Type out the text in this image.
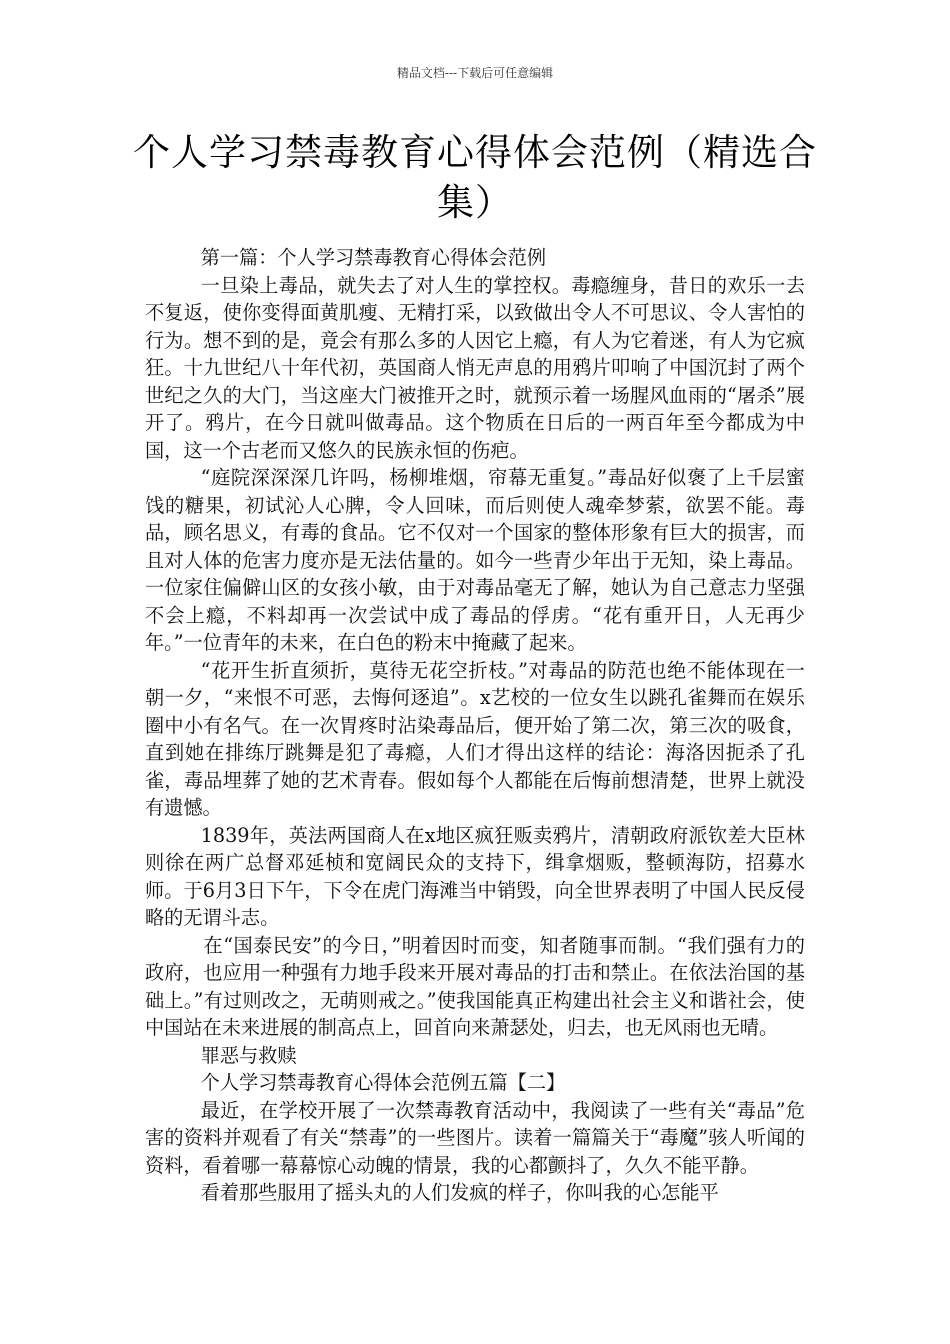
精品文档---下载后可任意编辑
个人学习禁毒教育心得体会范例（精选合集）

第一篇：个人学习禁毒教育心得体会范例

一旦染上毒品，就失去了对人生的掌控权。毒瘾缠身，昔日的欢乐一去不复返，使你变得面黄肌瘦、无精打采，以致做出令人不可思议、令人害怕的行为。想不到的是，竟会有那么多的人因它上瘾，有人为它着迷，有人为它疯狂。十九世纪八十年代初，英国商人悄无声息的用鸦片叩响了中国沉封了两个世纪之久的大门，当这座大门被推开之时，就预示着一场腥风血雨的“屠杀”展开了。鸦片，在今日就叫做毒品。这个物质在日后的一两百年至今都成为中国，这一个古老而又悠久的民族永恒的伤疤。

“庭院深深深几许吗，杨柳堆烟，帘幕无重复。”毒品好似褒了上千层蜜饯的糖果，初试沁人心脾，令人回味，而后则使人魂牵梦萦，欲罢不能。毒品，顾名思义，有毒的食品。它不仅对一个国家的整体形象有巨大的损害，而且对人体的危害力度亦是无法估量的。如今一些青少年出于无知，染上毒品。一位家住偏僻山区的女孩小敏，由于对毒品毫无了解，她认为自己意志力坚强不会上瘾，不料却再一次尝试中成了毒品的俘虏。“花有重开日，人无再少年。”一位青年的未来，在白色的粉末中掩藏了起来。

“花开生折直须折，莫待无花空折枝。”对毒品的防范也绝不能体现在一朝一夕，“来恨不可恶，去悔何逐追”。x艺校的一位女生以跳孔雀舞而在娱乐圈中小有名气。在一次胃疼时沾染毒品后，便开始了第二次，第三次的吸食，直到她在排练厅跳舞是犯了毒瘾，人们才得出这样的结论：海洛因扼杀了孔雀，毒品埋葬了她的艺术青春。假如每个人都能在后悔前想清楚，世界上就没有遗憾。

1839年，英法两国商人在x地区疯狂贩卖鸦片，清朝政府派钦差大臣林则徐在两广总督邓延桢和宽阔民众的支持下，缉拿烟贩，整顿海防，招募水师。于6月3日下午，下令在虎门海滩当中销毁，向全世界表明了中国人民反侵略的无谓斗志。

在“国泰民安”的今日，”明着因时而变，知者随事而制。“我们强有力的政府，也应用一种强有力地手段来开展对毒品的打击和禁止。在依法治国的基础上。”有过则改之，无萌则戒之。”使我国能真正构建出社会主义和谐社会，使中国站在未来进展的制高点上，回首向来萧瑟处，归去，也无风雨也无晴。

罪恶与救赎

个人学习禁毒教育心得体会范例五篇【二】

最近，在学校开展了一次禁毒教育活动中，我阅读了一些有关“毒品”危害的资料并观看了有关“禁毒”的一些图片。读着一篇篇关于“毒魔”骇人听闻的资料，看着哪一幕幕惊心动魄的情景，我的心都颤抖了，久久不能平静。

看着那些服用了摇头丸的人们发疯的样子，你叫我的心怎能平
